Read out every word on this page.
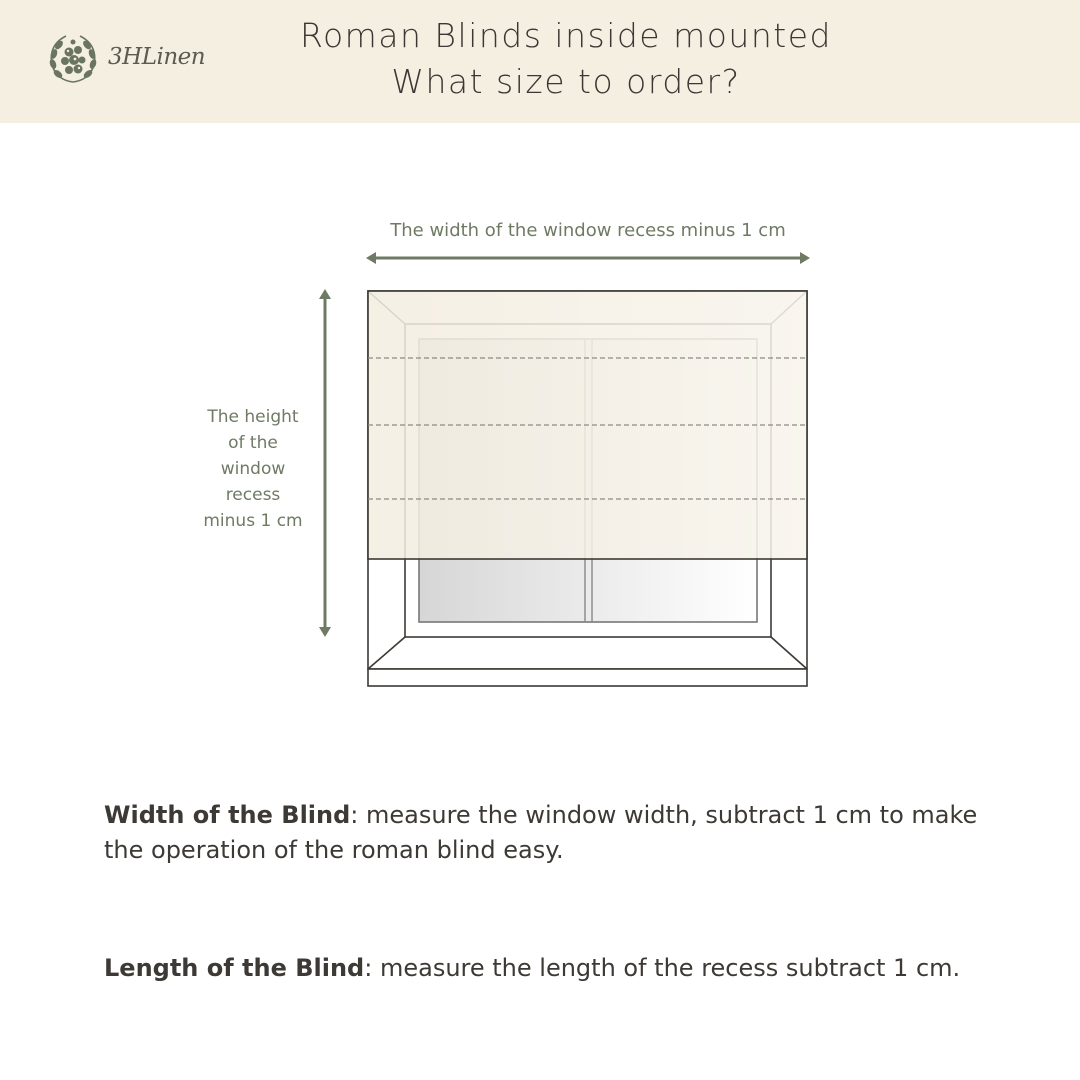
3HLinen
Roman Blinds inside mounted
What size to order?
The width of the window recess minus 1 cm
The height
of the
window
recess
minus 1 cm
Width of the Blind: measure the window width, subtract 1 cm to make the operation of the roman blind easy.
Length of the Blind: measure the length of the recess subtract 1 cm.
